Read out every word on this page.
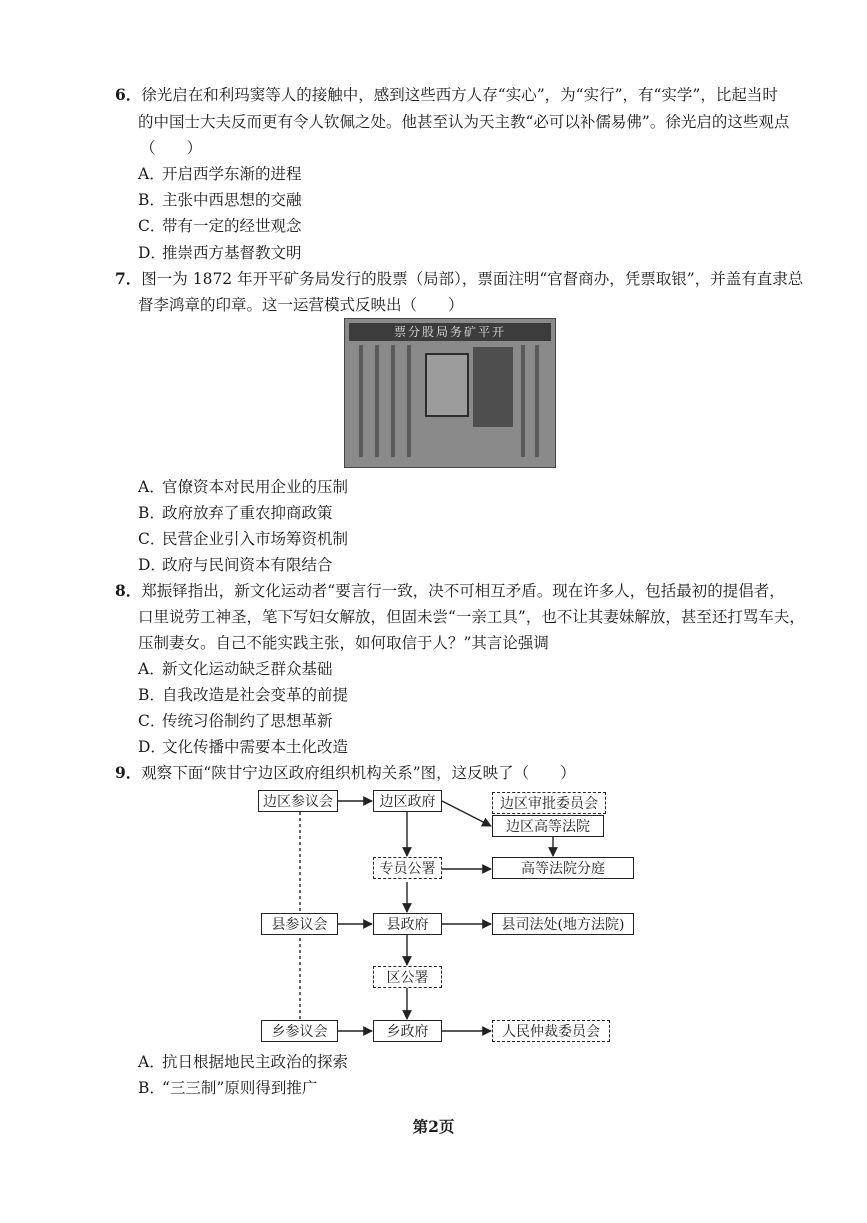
6．徐光启在和利玛窦等人的接触中，感到这些西方人存“实心”，为“实行”，有“实学”，比起当时
的中国士大夫反而更有令人钦佩之处。他甚至认为天主教“必可以补儒易佛”。徐光启的这些观点
（　　）
A．开启西学东渐的进程
B．主张中西思想的交融
C．带有一定的经世观念
D．推崇西方基督教文明
7．图一为 1872 年开平矿务局发行的股票（局部），票面注明“官督商办，凭票取银”，并盖有直隶总
督李鸿章的印章。这一运营模式反映出（　　）
票分股局务矿平开
A．官僚资本对民用企业的压制
B．政府放弃了重农抑商政策
C．民营企业引入市场筹资机制
D．政府与民间资本有限结合
8．郑振铎指出，新文化运动者“要言行一致，决不可相互矛盾。现在许多人，包括最初的提倡者，
口里说劳工神圣，笔下写妇女解放，但固未尝“一亲工具”，也不让其妻妹解放，甚至还打骂车夫，
压制妻女。自己不能实践主张，如何取信于人？”其言论强调
A．新文化运动缺乏群众基础
B．自我改造是社会变革的前提
C．传统习俗制约了思想革新
D．文化传播中需要本土化改造
9．观察下面“陕甘宁边区政府组织机构关系”图，这反映了（　　）
边区参议会	边区政府	边区审批委员会
边区高等法院
专员公署	高等法院分庭
县参议会	县政府	县司法处(地方法院)
区公署
乡参议会	乡政府	人民仲裁委员会
A．抗日根据地民主政治的探索
B．“三三制”原则得到推广
第2页
